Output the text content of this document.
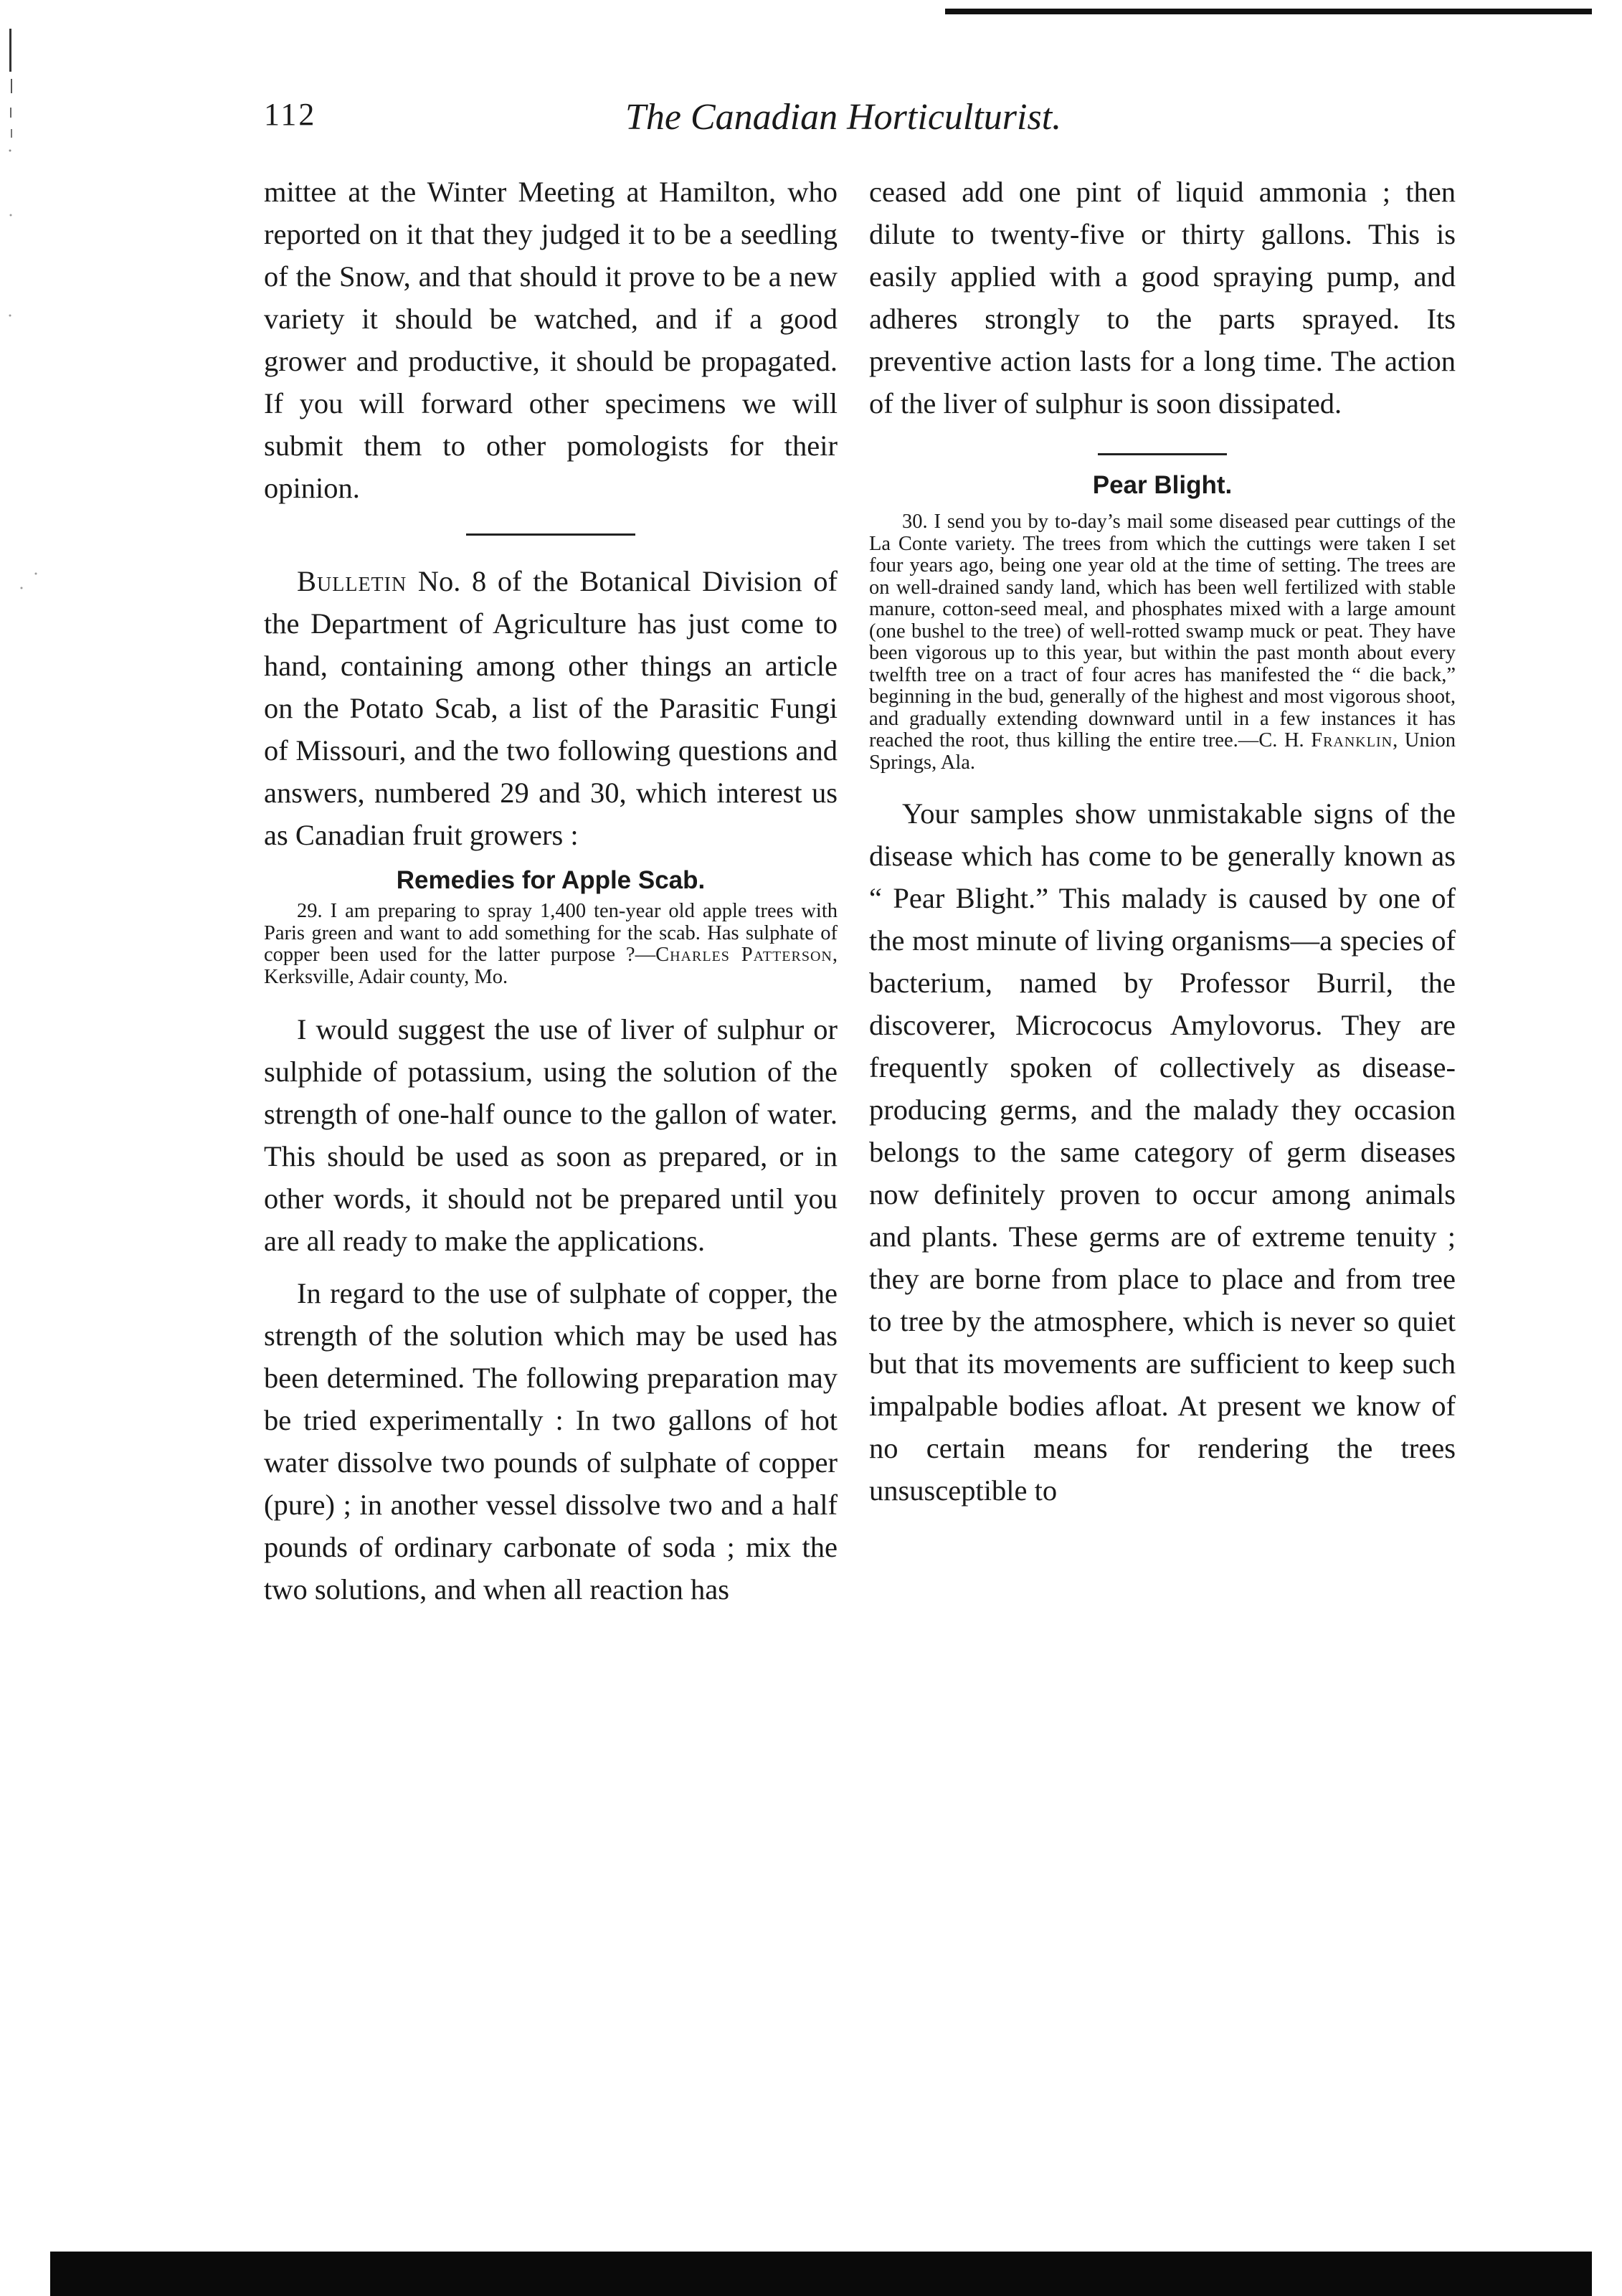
112	The Canadian Horticulturist.

mittee at the Winter Meeting at Hamilton, who reported on it that they judged it to be a seedling of the Snow, and that should it prove to be a new variety it should be watched, and if a good grower and productive, it should be propagated. If you will forward other specimens we will submit them to other pomologists for their opinion.

Bulletin No. 8 of the Botanical Division of the Department of Agriculture has just come to hand, containing among other things an article on the Potato Scab, a list of the Parasitic Fungi of Missouri, and the two following questions and answers, numbered 29 and 30, which interest us as Canadian fruit growers :

Remedies for Apple Scab.

29. I am preparing to spray 1,400 ten-year old apple trees with Paris green and want to add something for the scab. Has sulphate of copper been used for the latter purpose ?—Charles Patterson, Kerksville, Adair county, Mo.

I would suggest the use of liver of sulphur or sulphide of potassium, using the solution of the strength of one-half ounce to the gallon of water. This should be used as soon as prepared, or in other words, it should not be prepared until you are all ready to make the applications.

In regard to the use of sulphate of copper, the strength of the solution which may be used has been determined. The following preparation may be tried experimentally : In two gallons of hot water dissolve two pounds of sulphate of copper (pure) ; in another vessel dissolve two and a half pounds of ordinary carbonate of soda ; mix the two solutions, and when all reaction has

ceased add one pint of liquid ammonia ; then dilute to twenty-five or thirty gallons. This is easily applied with a good spraying pump, and adheres strongly to the parts sprayed. Its preventive action lasts for a long time. The action of the liver of sulphur is soon dissipated.

Pear Blight.

30. I send you by to-day’s mail some diseased pear cuttings of the La Conte variety. The trees from which the cuttings were taken I set four years ago, being one year old at the time of setting. The trees are on well-drained sandy land, which has been well fertilized with stable manure, cotton-seed meal, and phosphates mixed with a large amount (one bushel to the tree) of well-rotted swamp muck or peat. They have been vigorous up to this year, but within the past month about every twelfth tree on a tract of four acres has manifested the “ die back,” beginning in the bud, generally of the highest and most vigorous shoot, and gradually extending downward until in a few instances it has reached the root, thus killing the entire tree.—C. H. Franklin, Union Springs, Ala.

Your samples show unmistakable signs of the disease which has come to be generally known as “ Pear Blight.” This malady is caused by one of the most minute of living organisms—a species of bacterium, named by Professor Burril, the discoverer, Micrococus Amylovorus. They are frequently spoken of collectively as disease-producing germs, and the malady they occasion belongs to the same category of germ diseases now definitely proven to occur among animals and plants. These germs are of extreme tenuity ; they are borne from place to place and from tree to tree by the atmosphere, which is never so quiet but that its movements are sufficient to keep such impalpable bodies afloat. At present we know of no certain means for rendering the trees unsusceptible to
